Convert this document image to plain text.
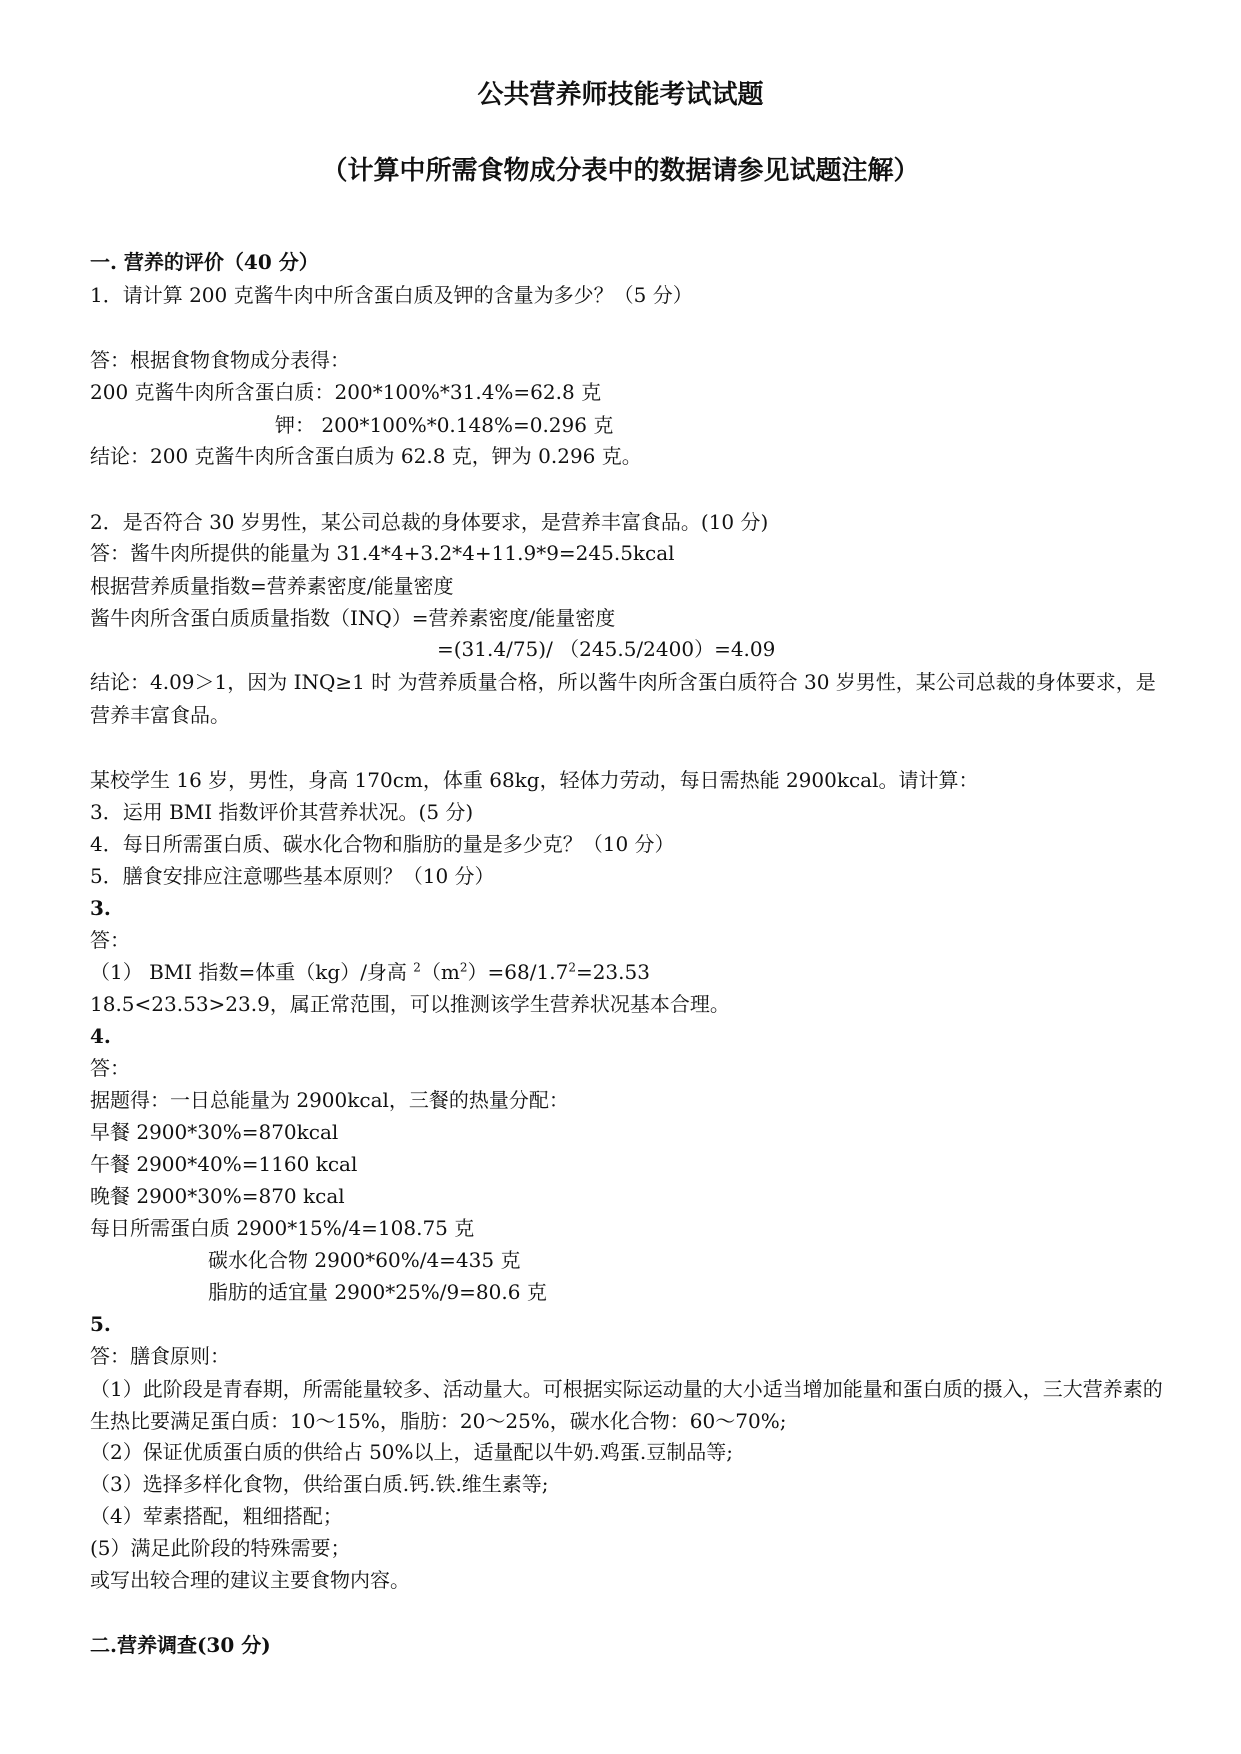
公共营养师技能考试试题
（计算中所需食物成分表中的数据请参见试题注解）
一. 营养的评价（40 分）
1．请计算 200 克酱牛肉中所含蛋白质及钾的含量为多少？（5 分）
答：根据食物食物成分表得：
200 克酱牛肉所含蛋白质：200*100%*31.4%=62.8 克
钾： 200*100%*0.148%=0.296 克
结论：200 克酱牛肉所含蛋白质为 62.8 克，钾为 0.296 克。
2．是否符合 30 岁男性，某公司总裁的身体要求，是营养丰富食品。(10 分)
答：酱牛肉所提供的能量为 31.4*4+3.2*4+11.9*9=245.5kcal
根据营养质量指数=营养素密度/能量密度
酱牛肉所含蛋白质质量指数（INQ）=营养素密度/能量密度
=(31.4/75)/ （245.5/2400）=4.09
结论：4.09＞1，因为 INQ≥1 时 为营养质量合格，所以酱牛肉所含蛋白质符合 30 岁男性，某公司总裁的身体要求，是营养丰富食品。
某校学生 16 岁，男性，身高 170cm，体重 68kg，轻体力劳动，每日需热能 2900kcal。请计算：
3．运用 BMI 指数评价其营养状况。(5 分)
4．每日所需蛋白质、碳水化合物和脂肪的量是多少克？（10 分）
5．膳食安排应注意哪些基本原则？（10 分）
3.
答：
（1） BMI 指数=体重（kg）/身高 $^2(m^2)=68/1.7^2=23.53$
18.5<23.53>23.9，属正常范围，可以推测该学生营养状况基本合理。
4.
答：
据题得：一日总能量为 2900kcal，三餐的热量分配：
早餐 2900*30%=870kcal
午餐 2900*40%=1160 kcal
晚餐 2900*30%=870 kcal
每日所需蛋白质 2900*15%/4=108.75 克
碳水化合物 2900*60%/4=435 克
脂肪的适宜量 2900*25%/9=80.6 克
5.
答：膳食原则：
（1）此阶段是青春期，所需能量较多、活动量大。可根据实际运动量的大小适当增加能量和蛋白质的摄入，三大营养素的生热比要满足蛋白质：10～15%，脂肪：20～25%，碳水化合物：60～70%;
（2）保证优质蛋白质的供给占 50%以上，适量配以牛奶.鸡蛋.豆制品等;
（3）选择多样化食物，供给蛋白质.钙.铁.维生素等;
（4）荤素搭配，粗细搭配；
(5）满足此阶段的特殊需要；
或写出较合理的建议主要食物内容。
二.营养调查(30 分)
